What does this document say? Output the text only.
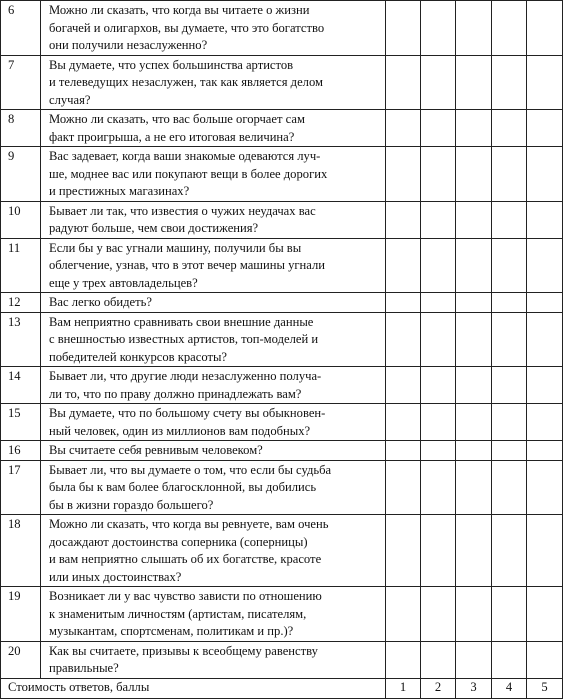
6	Можно ли сказать, что когда вы читаете о жизни
богачей и олигархов, вы думаете, что это богатство
они получили незаслуженно?					

7	Вы думаете, что успех большинства артистов
и телеведущих незаслужен, так как является делом
случая?					

8	Можно ли сказать, что вас больше огорчает сам
факт проигрыша, а не его итоговая величина?					

9	Вас задевает, когда ваши знакомые одеваются луч-
ше, моднее вас или покупают вещи в более дорогих
и престижных магазинах?					

10	Бывает ли так, что известия о чужих неудачах вас
радуют больше, чем свои достижения?					

11	Если бы у вас угнали машину, получили бы вы
облегчение, узнав, что в этот вечер машины угнали
еще у трех автовладельцев?					

12	Вас легко обидеть?					

13	Вам неприятно сравнивать свои внешние данные
с внешностью известных артистов, топ-моделей и
победителей конкурсов красоты?					

14	Бывает ли, что другие люди незаслуженно получа-
ли то, что по праву должно принадлежать вам?					

15	Вы думаете, что по большому счету вы обыкновен-
ный человек, один из миллионов вам подобных?					

16	Вы считаете себя ревнивым человеком?					

17	Бывает ли, что вы думаете о том, что если бы судьба
была бы к вам более благосклонной, вы добились
бы в жизни гораздо большего?					

18	Можно ли сказать, что когда вы ревнуете, вам очень
досаждают достоинства соперника (соперницы)
и вам неприятно слышать об их богатстве, красоте
или иных достоинствах?					

19	Возникает ли у вас чувство зависти по отношению
к знаменитым личностям (артистам, писателям,
музыкантам, спортсменам, политикам и пр.)?					

20	Как вы считаете, призывы к всеобщему равенству
правильные?					

Стоимость ответов, баллы		1	2	3	4	5
